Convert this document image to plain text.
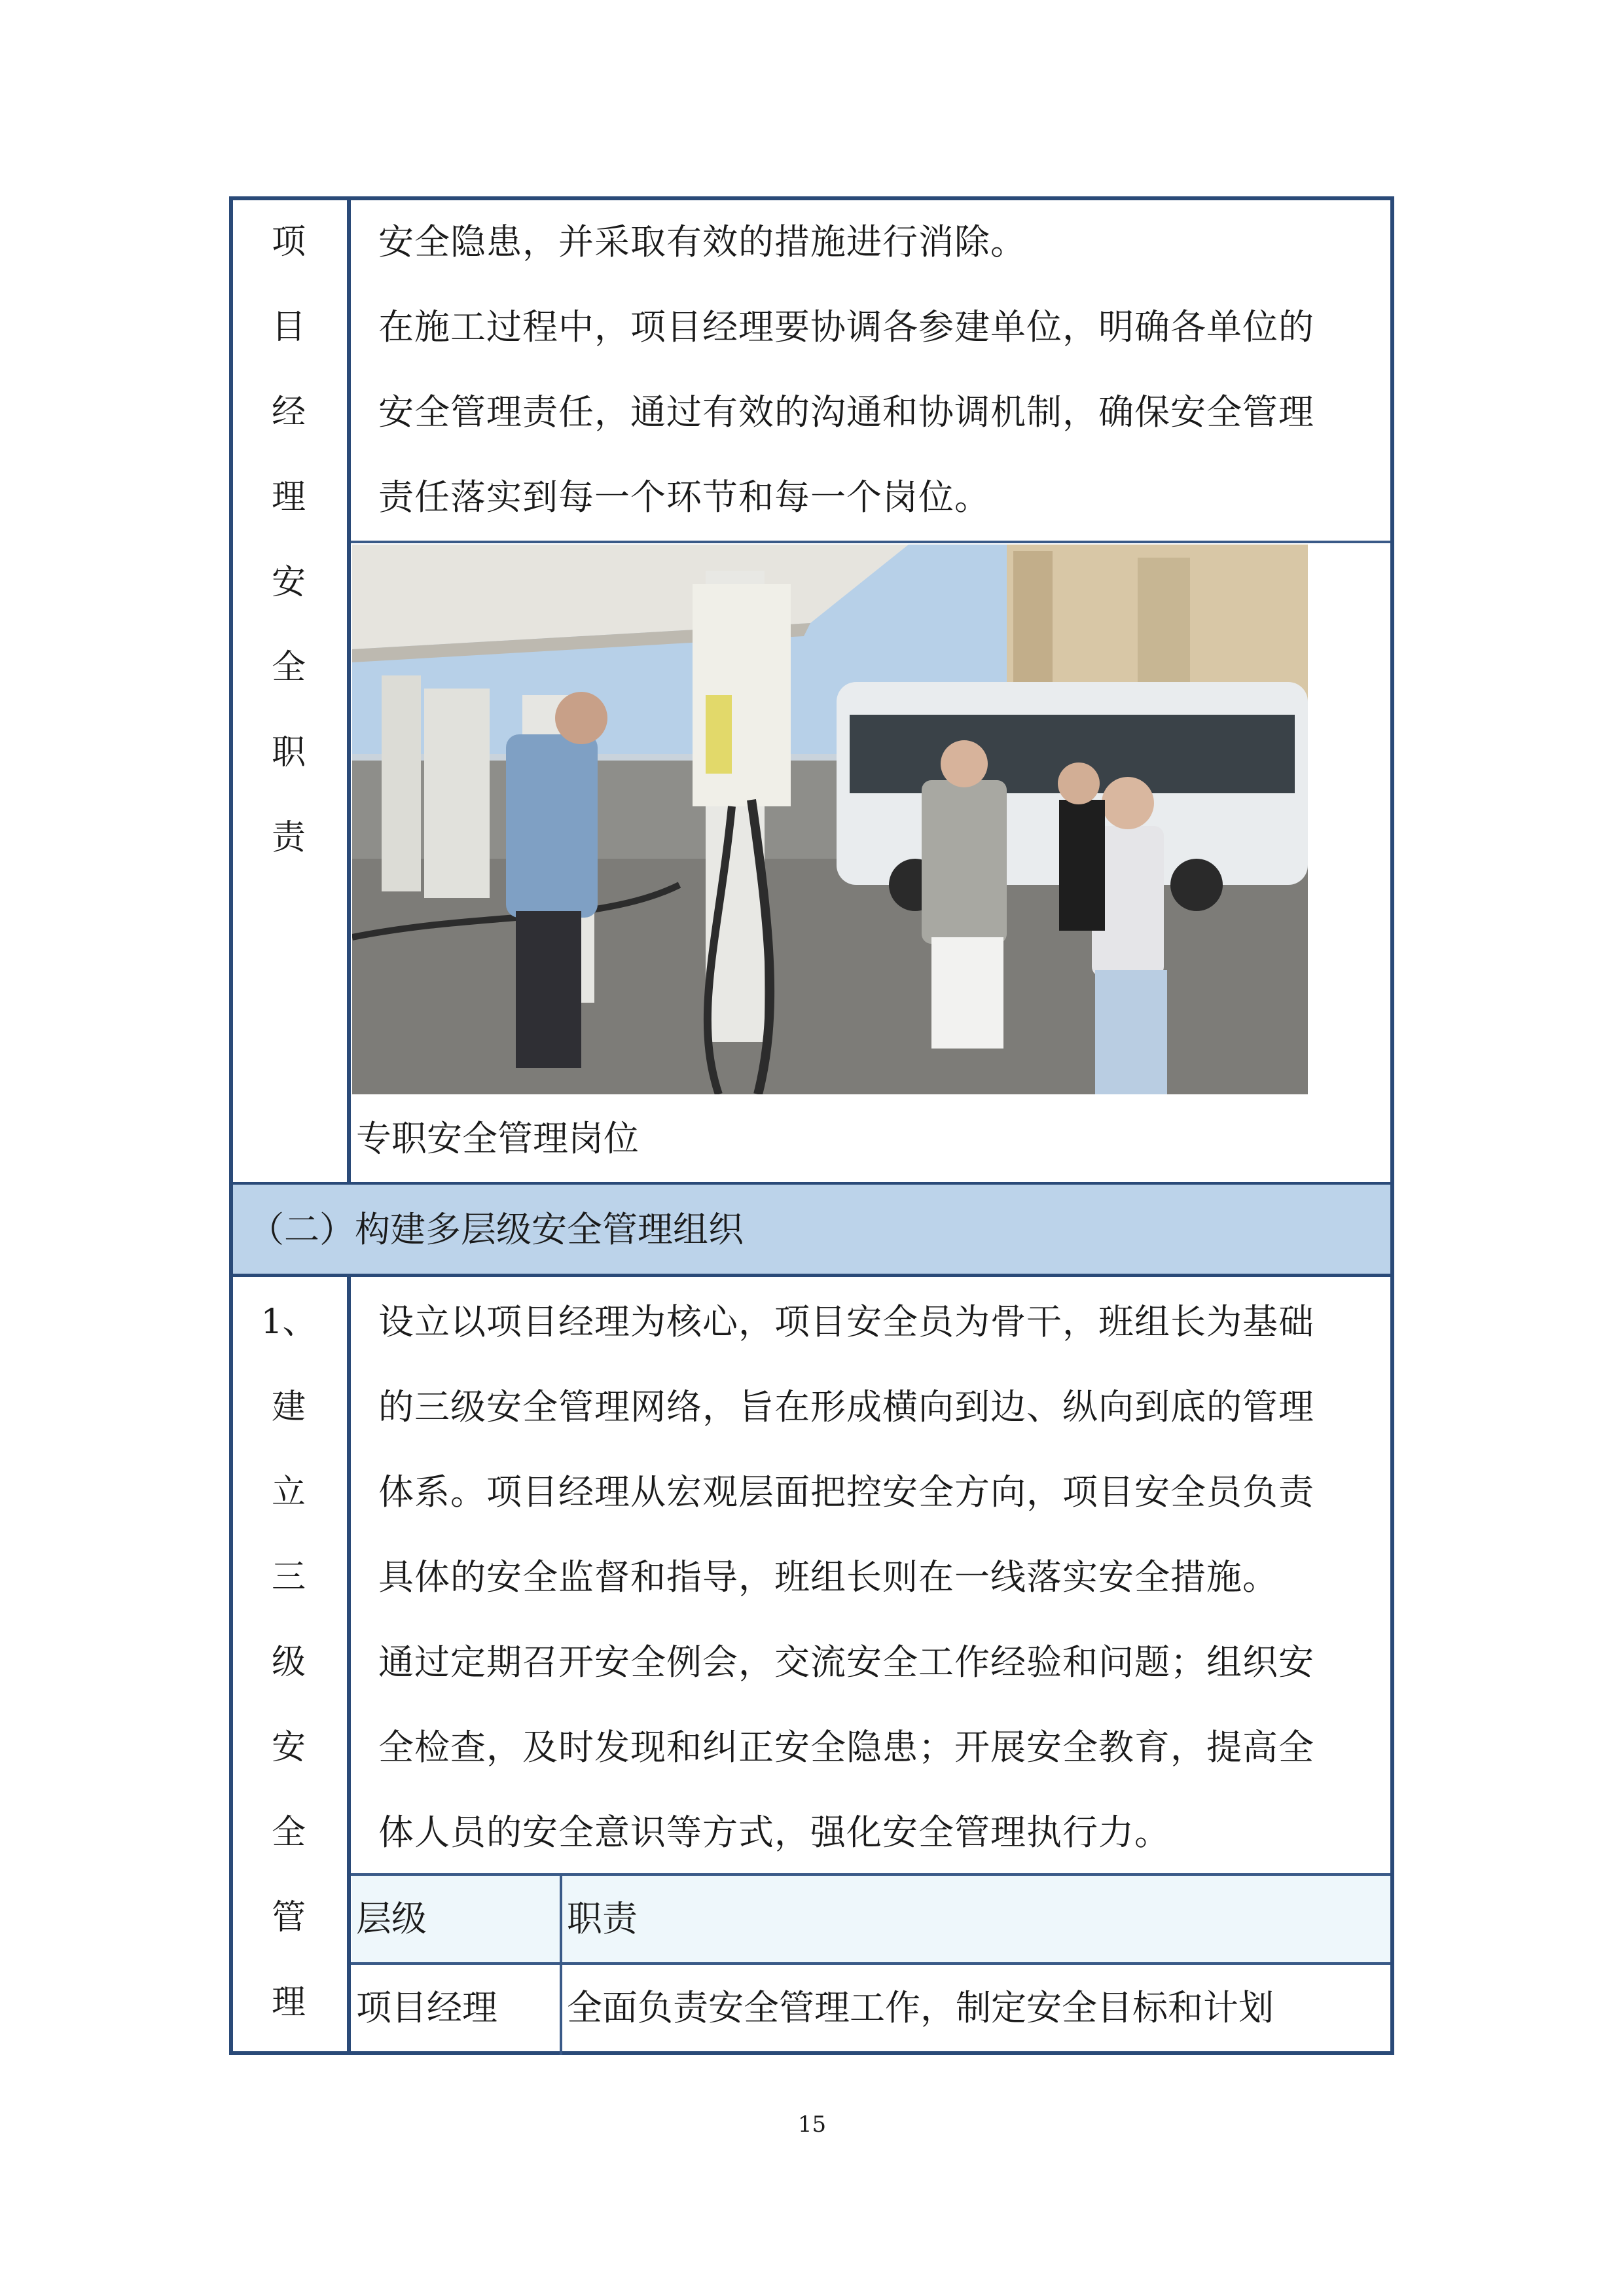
项
目
经
理
安
全
职
责
安全隐患，并采取有效的措施进行消除。
在施工过程中，项目经理要协调各参建单位，明确各单位的
安全管理责任，通过有效的沟通和协调机制，确保安全管理
责任落实到每一个环节和每一个岗位。
专职安全管理岗位
（二）构建多层级安全管理组织
1、
建
立
三
级
安
全
管
理
设立以项目经理为核心，项目安全员为骨干，班组长为基础
的三级安全管理网络，旨在形成横向到边、纵向到底的管理
体系。项目经理从宏观层面把控安全方向，项目安全员负责
具体的安全监督和指导，班组长则在一线落实安全措施。
通过定期召开安全例会，交流安全工作经验和问题；组织安
全检查，及时发现和纠正安全隐患；开展安全教育，提高全
体人员的安全意识等方式，强化安全管理执行力。
层级	职责
项目经理 全面负责安全管理工作，制定安全目标和计划
15
